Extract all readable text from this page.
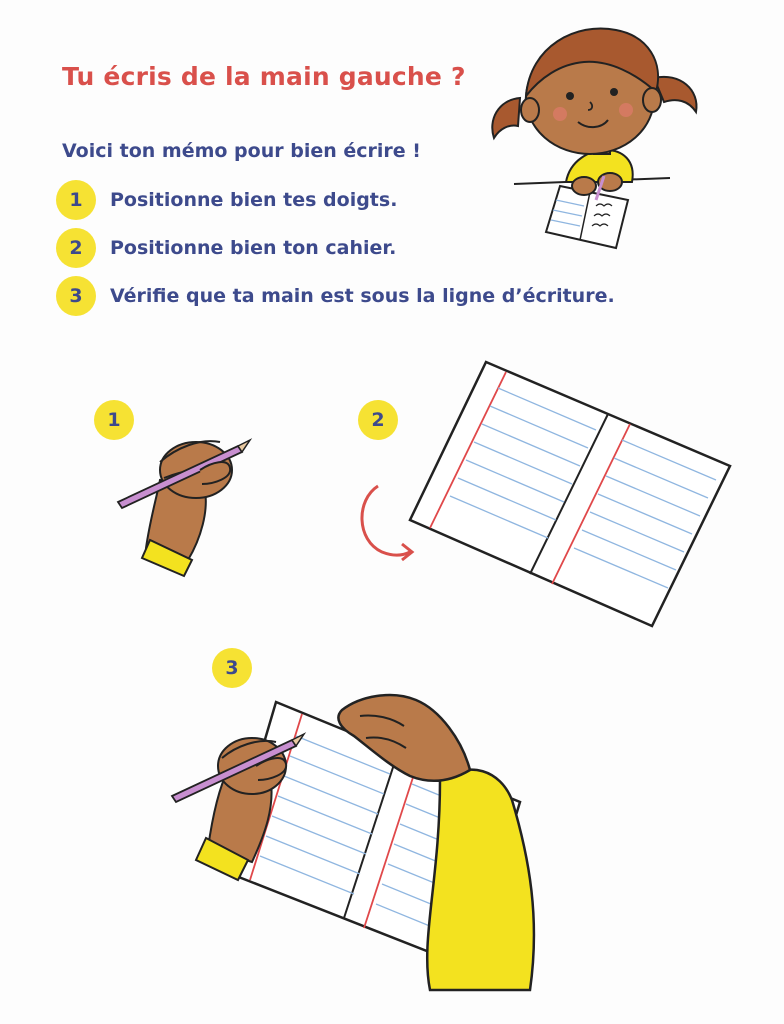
Tu écris de la main gauche ?
Voici ton mémo pour bien écrire !
1	Positionne bien tes doigts.
2	Positionne bien ton cahier.
3	Vérifie que ta main est sous la ligne d’écriture.
1	2
3
